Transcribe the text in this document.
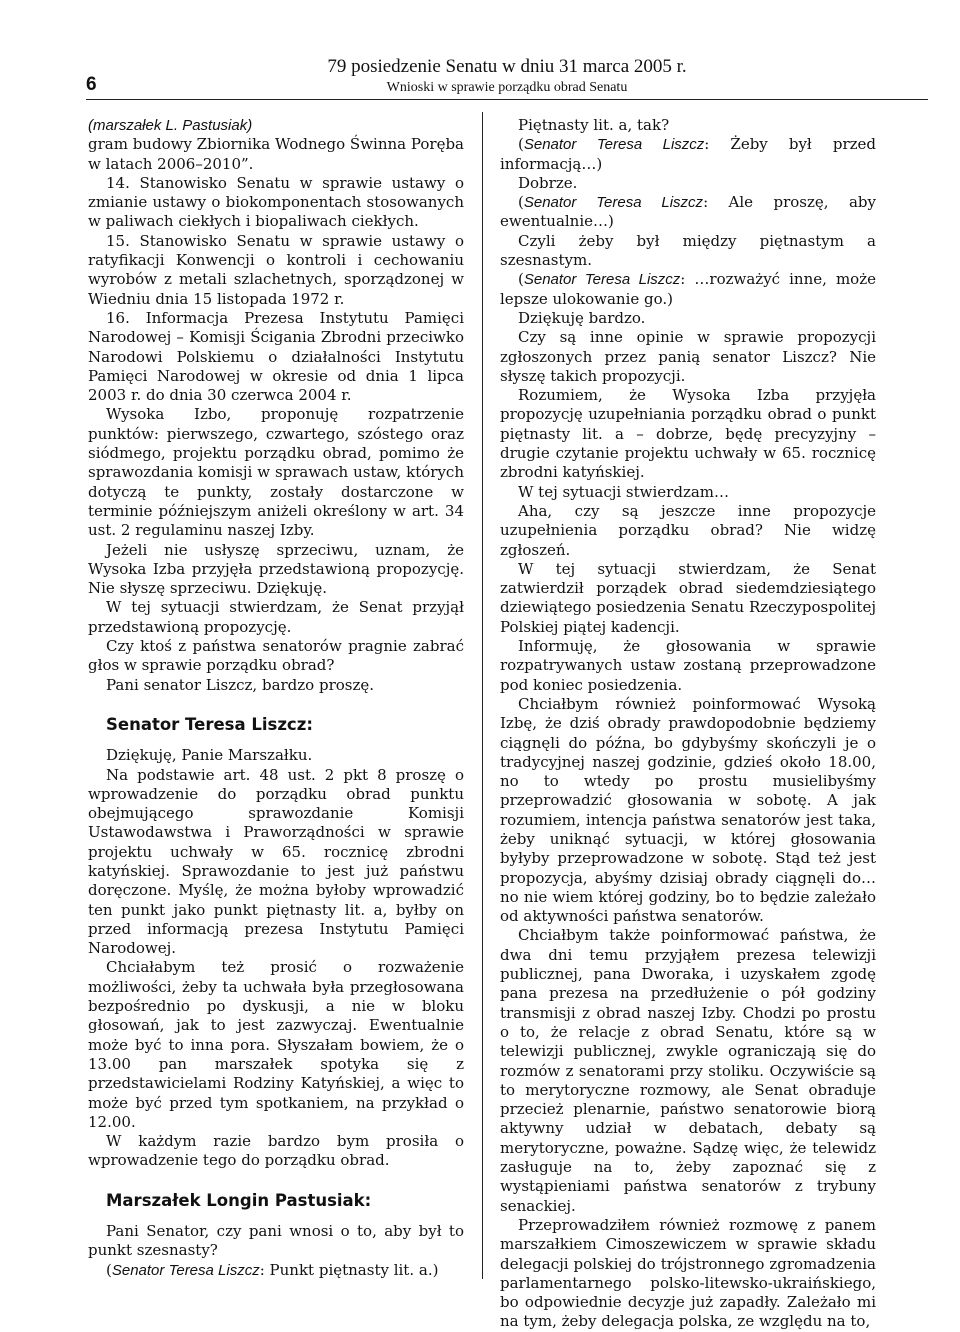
6
79 posiedzenie Senatu w dniu 31 marca 2005 r.
Wnioski w sprawie porządku obrad Senatu

(marszałek L. Pastusiak)

gram budowy Zbiornika Wodnego Świnna Poręba w latach 2006–2010”.

14. Stanowisko Senatu w sprawie ustawy o zmianie ustawy o biokomponentach stosowanych w paliwach ciekłych i biopaliwach ciekłych.

15. Stanowisko Senatu w sprawie ustawy o ratyfikacji Konwencji o kontroli i cechowaniu wyrobów z metali szlachetnych, sporządzonej w Wiedniu dnia 15 listopada 1972 r.

16. Informacja Prezesa Instytutu Pamięci Narodowej – Komisji Ścigania Zbrodni przeciwko Narodowi Polskiemu o działalności Instytutu Pamięci Narodowej w okresie od dnia 1 lipca 2003 r. do dnia 30 czerwca 2004 r.

Wysoka Izbo, proponuję rozpatrzenie punktów: pierwszego, czwartego, szóstego oraz siódmego, projektu porządku obrad, pomimo że sprawozdania komisji w sprawach ustaw, których dotyczą te punkty, zostały dostarczone w terminie późniejszym aniżeli określony w art. 34 ust. 2 regulaminu naszej Izby.

Jeżeli nie usłyszę sprzeciwu, uznam, że Wysoka Izba przyjęła przedstawioną propozycję. Nie słyszę sprzeciwu. Dziękuję.

W tej sytuacji stwierdzam, że Senat przyjął przedstawioną propozycję.

Czy ktoś z państwa senatorów pragnie zabrać głos w sprawie porządku obrad?

Pani senator Liszcz, bardzo proszę.

Senator Teresa Liszcz:

Dziękuję, Panie Marszałku.

Na podstawie art. 48 ust. 2 pkt 8 proszę o wprowadzenie do porządku obrad punktu obejmującego sprawozdanie Komisji Ustawodawstwa i Praworządności w sprawie projektu uchwały w 65. rocznicę zbrodni katyńskiej. Sprawozdanie to jest już państwu doręczone. Myślę, że można byłoby wprowadzić ten punkt jako punkt piętnasty lit. a, byłby on przed informacją prezesa Instytutu Pamięci Narodowej.

Chciałabym też prosić o rozważenie możliwości, żeby ta uchwała była przegłosowana bezpośrednio po dyskusji, a nie w bloku głosowań, jak to jest zazwyczaj. Ewentualnie może być to inna pora. Słyszałam bowiem, że o 13.00 pan marszałek spotyka się z przedstawicielami Rodziny Katyńskiej, a więc to może być przed tym spotkaniem, na przykład o 12.00.

W każdym razie bardzo bym prosiła o wprowadzenie tego do porządku obrad.

Marszałek Longin Pastusiak:

Pani Senator, czy pani wnosi o to, aby był to punkt szesnasty?

(Senator Teresa Liszcz: Punkt piętnasty lit. a.)

Piętnasty lit. a, tak?

(Senator Teresa Liszcz: Żeby był przed informacją…)

Dobrze.

(Senator Teresa Liszcz: Ale proszę, aby ewentualnie…)

Czyli żeby był między piętnastym a szesnastym.

(Senator Teresa Liszcz: …rozważyć inne, może lepsze ulokowanie go.)

Dziękuję bardzo.

Czy są inne opinie w sprawie propozycji zgłoszonych przez panią senator Liszcz? Nie słyszę takich propozycji.

Rozumiem, że Wysoka Izba przyjęła propozycję uzupełniania porządku obrad o punkt piętnasty lit. a – dobrze, będę precyzyjny – drugie czytanie projektu uchwały w 65. rocznicę zbrodni katyńskiej.

W tej sytuacji stwierdzam…

Aha, czy są jeszcze inne propozycje uzupełnienia porządku obrad? Nie widzę zgłoszeń.

W tej sytuacji stwierdzam, że Senat zatwierdził porządek obrad siedemdziesiątego dziewiątego posiedzenia Senatu Rzeczypospolitej Polskiej piątej kadencji.

Informuję, że głosowania w sprawie rozpatrywanych ustaw zostaną przeprowadzone pod koniec posiedzenia.

Chciałbym również poinformować Wysoką Izbę, że dziś obrady prawdopodobnie będziemy ciągnęli do późna, bo gdybyśmy skończyli je o tradycyjnej naszej godzinie, gdzieś około 18.00, no to wtedy po prostu musielibyśmy przeprowadzić głosowania w sobotę. A jak rozumiem, intencja państwa senatorów jest taka, żeby uniknąć sytuacji, w której głosowania byłyby przeprowadzone w sobotę. Stąd też jest propozycja, abyśmy dzisiaj obrady ciągnęli do… no nie wiem której godziny, bo to będzie zależało od aktywności państwa senatorów.

Chciałbym także poinformować państwa, że dwa dni temu przyjąłem prezesa telewizji publicznej, pana Dworaka, i uzyskałem zgodę pana prezesa na przedłużenie o pół godziny transmisji z obrad naszej Izby. Chodzi po prostu o to, że relacje z obrad Senatu, które są w telewizji publicznej, zwykle ograniczają się do rozmów z senatorami przy stoliku. Oczywiście są to merytoryczne rozmowy, ale Senat obraduje przecież plenarnie, państwo senatorowie biorą aktywny udział w debatach, debaty są merytoryczne, poważne. Sądzę więc, że telewidz zasługuje na to, żeby zapoznać się z wystąpieniami państwa senatorów z trybuny senackiej.

Przeprowadziłem również rozmowę z panem marszałkiem Cimoszewiczem w sprawie składu delegacji polskiej do trójstronnego zgromadzenia parlamentarnego polsko-litewsko-ukraińskiego, bo odpowiednie decyzje już zapadły. Zależało mi na tym, żeby delegacja polska, ze względu na to,
